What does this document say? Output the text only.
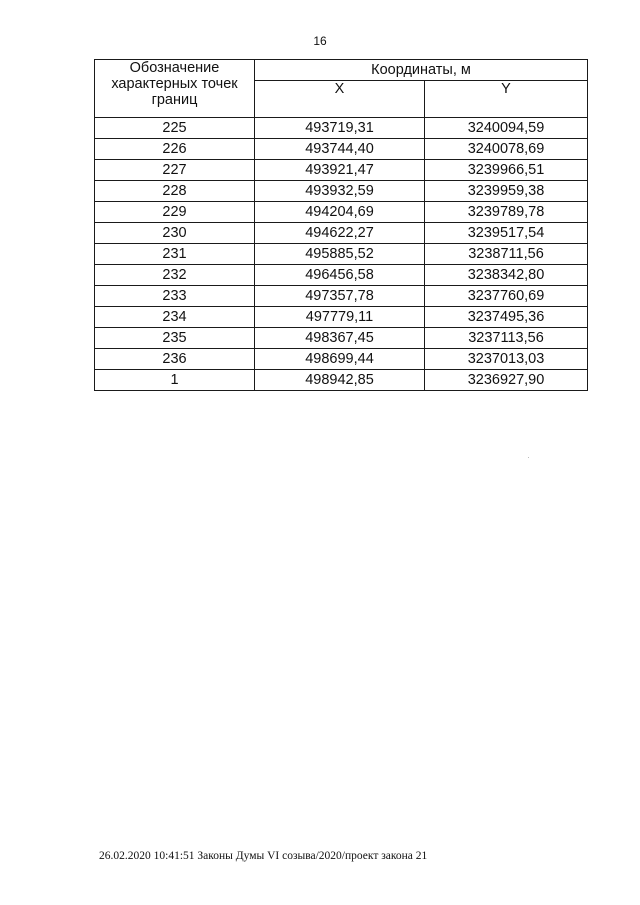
16
Обозначение характерных точек границ	Координаты, м	
	X	Y
225	493719,31	3240094,59
226	493744,40	3240078,69
227	493921,47	3239966,51
228	493932,59	3239959,38
229	494204,69	3239789,78
230	494622,27	3239517,54
231	495885,52	3238711,56
232	496456,58	3238342,80
233	497357,78	3237760,69
234	497779,11	3237495,36
235	498367,45	3237113,56
236	498699,44	3237013,03
1	498942,85	3236927,90
26.02.2020 10:41:51 Законы Думы VI созыва/2020/проект закона 21
